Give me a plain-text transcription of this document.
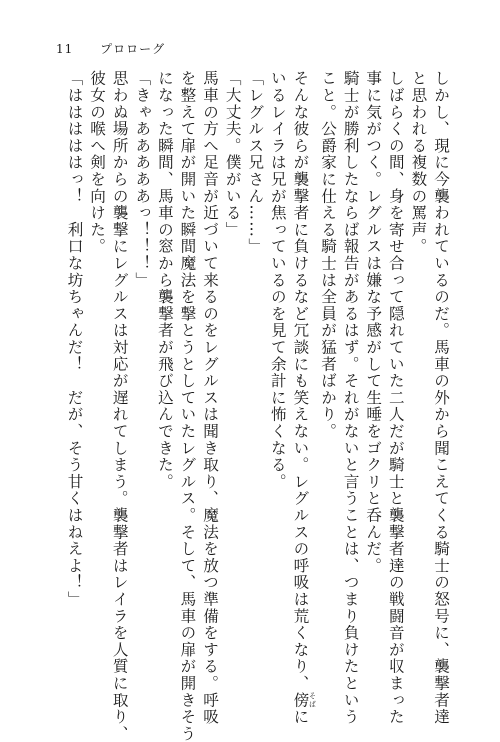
11 プロローグ

しかし、現に今襲われているのだ。馬車の外から聞こえてくる騎士の怒号に、襲撃者達

と思われる複数の罵声。

しばらくの間、身を寄せ合って隠れていた二人だが騎士と襲撃者達の戦闘音が収まった

事に気がつく。レグルスは嫌な予感がして生唾をゴクリと呑んだ。

騎士が勝利したならば報告があるはず。それがないと言うことは、つまり負けたという

こと。公爵家に仕える騎士は全員が猛者ばかり。

そんな彼らが襲撃者に負けるなど冗談にも笑えない。レグルスの呼吸は荒くなり、傍 そばに

いるレイラは兄が焦っているのを見て余計に怖くなる。

「レグルス兄さん……」

「大丈夫。僕がいる」

馬車の方へ足音が近づいて来るのをレグルスは聞き取り、魔法を放つ準備をする。呼吸

を整えて扉が開いた瞬間魔法を撃とうとしていたレグルス。そして、馬車の扉が開きそう

になった瞬間、馬車の窓から襲撃者が飛び込んできた。

「きゃあああああっ！！！」

思わぬ場所からの襲撃にレグルスは対応が遅れてしまう。襲撃者はレイラを人質に取り、

彼女の喉へ剣を向けた。

「はははははっ！　利口な坊ちゃんだ！　だが、そう甘くはねえよ！」
